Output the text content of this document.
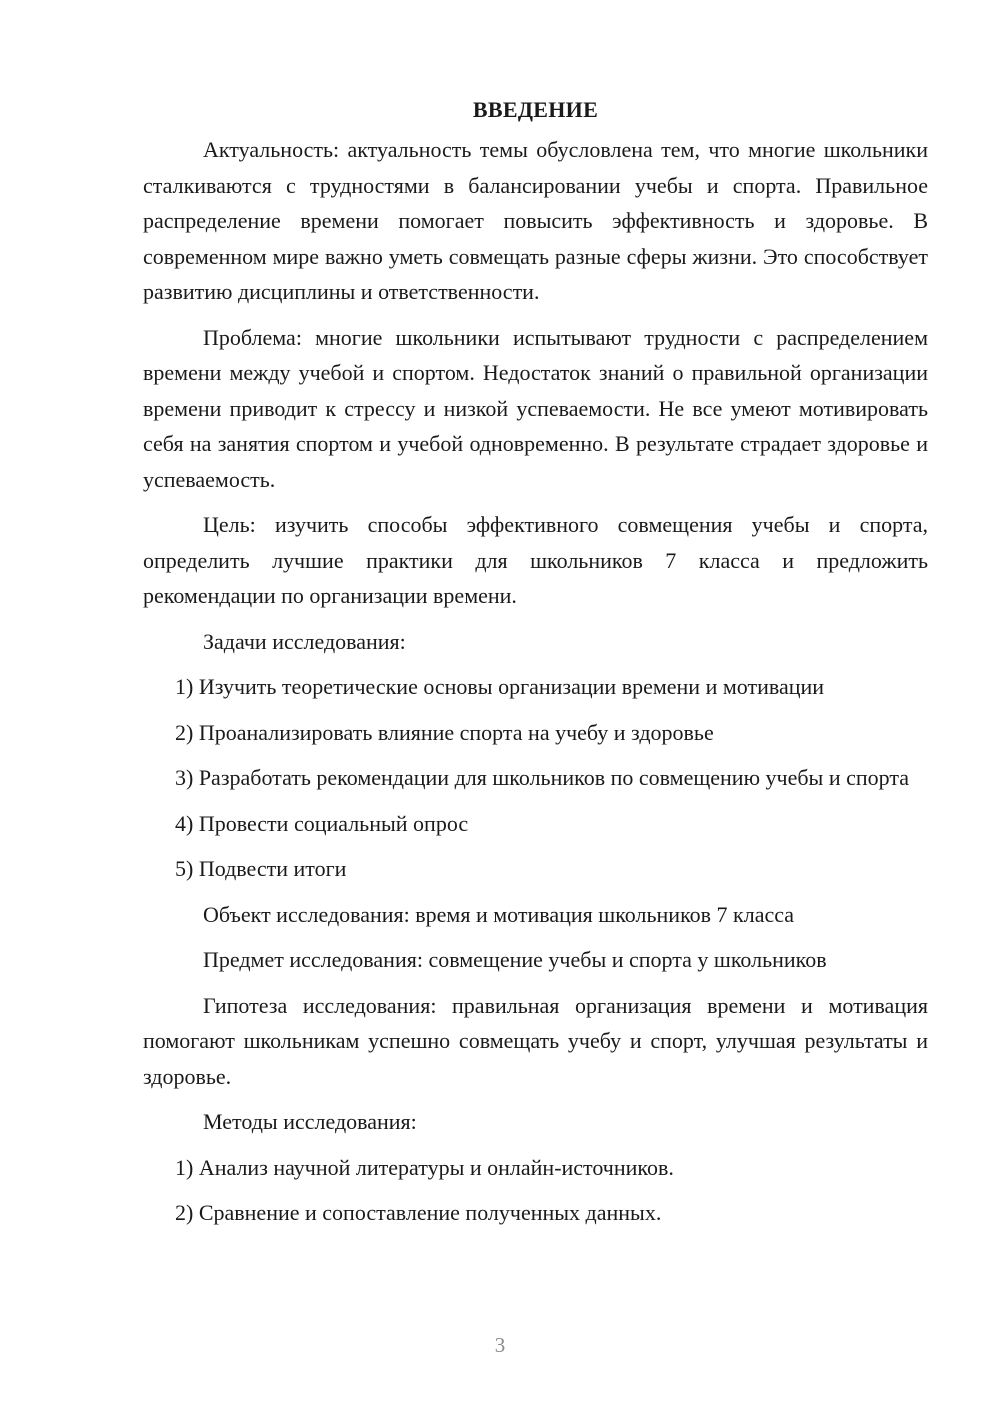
ВВЕДЕНИЕ

Актуальность: актуальность темы обусловлена тем, что многие школьники сталкиваются с трудностями в балансировании учебы и спорта. Правильное распределение времени помогает повысить эффективность и здоровье. В современном мире важно уметь совмещать разные сферы жизни. Это способствует развитию дисциплины и ответственности.

Проблема: многие школьники испытывают трудности с распределением времени между учебой и спортом. Недостаток знаний о правильной организации времени приводит к стрессу и низкой успеваемости. Не все умеют мотивировать себя на занятия спортом и учебой одновременно. В результате страдает здоровье и успеваемость.

Цель: изучить способы эффективного совмещения учебы и спорта, определить лучшие практики для школьников 7 класса и предложить рекомендации по организации времени.

Задачи исследования:

1) Изучить теоретические основы организации времени и мотивации

2) Проанализировать влияние спорта на учебу и здоровье

3) Разработать рекомендации для школьников по совмещению учебы и спорта

4) Провести социальный опрос

5) Подвести итоги

Объект исследования: время и мотивация школьников 7 класса

Предмет исследования: совмещение учебы и спорта у школьников

Гипотеза исследования: правильная организация времени и мотивация помогают школьникам успешно совмещать учебу и спорт, улучшая результаты и здоровье.

Методы исследования:

1) Анализ научной литературы и онлайн-источников.

2) Сравнение и сопоставление полученных данных.

3
